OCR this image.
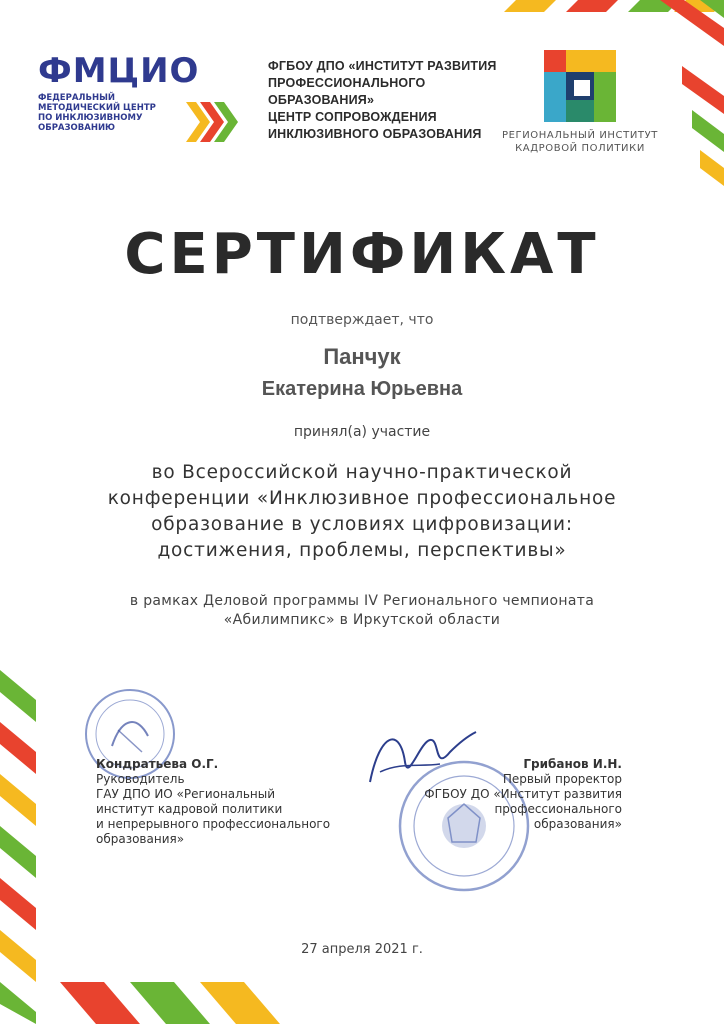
ФМЦИО
ФЕДЕРАЛЬНЫЙ МЕТОДИЧЕСКИЙ ЦЕНТР ПО ИНКЛЮЗИВНОМУ ОБРАЗОВАНИЮ
ФГБОУ ДПО «ИНСТИТУТ РАЗВИТИЯ
ПРОФЕССИОНАЛЬНОГО ОБРАЗОВАНИЯ»
ЦЕНТР СОПРОВОЖДЕНИЯ
ИНКЛЮЗИВНОГО ОБРАЗОВАНИЯ	РЕГИОНАЛЬНЫЙ ИНСТИТУТ
КАДРОВОЙ ПОЛИТИКИ
СЕРТИФИКАТ
подтверждает, что
Панчук
Екатерина Юрьевна
принял(а) участие
во Всероссийской научно-практической
конференции «Инклюзивное профессиональное
образование в условиях цифровизации:
достижения, проблемы, перспективы»
в рамках Деловой программы IV Регионального чемпионата
«Абилимпикс» в Иркутской области
Кондратьева О.Г.
Руководитель
ГАУ ДПО ИО «Региональный
институт кадровой политики
и непрерывного профессионального
образования»
Грибанов И.Н.
Первый проректор
ФГБОУ ДО «Институт развития
профессионального
образования»
27 апреля 2021 г.
